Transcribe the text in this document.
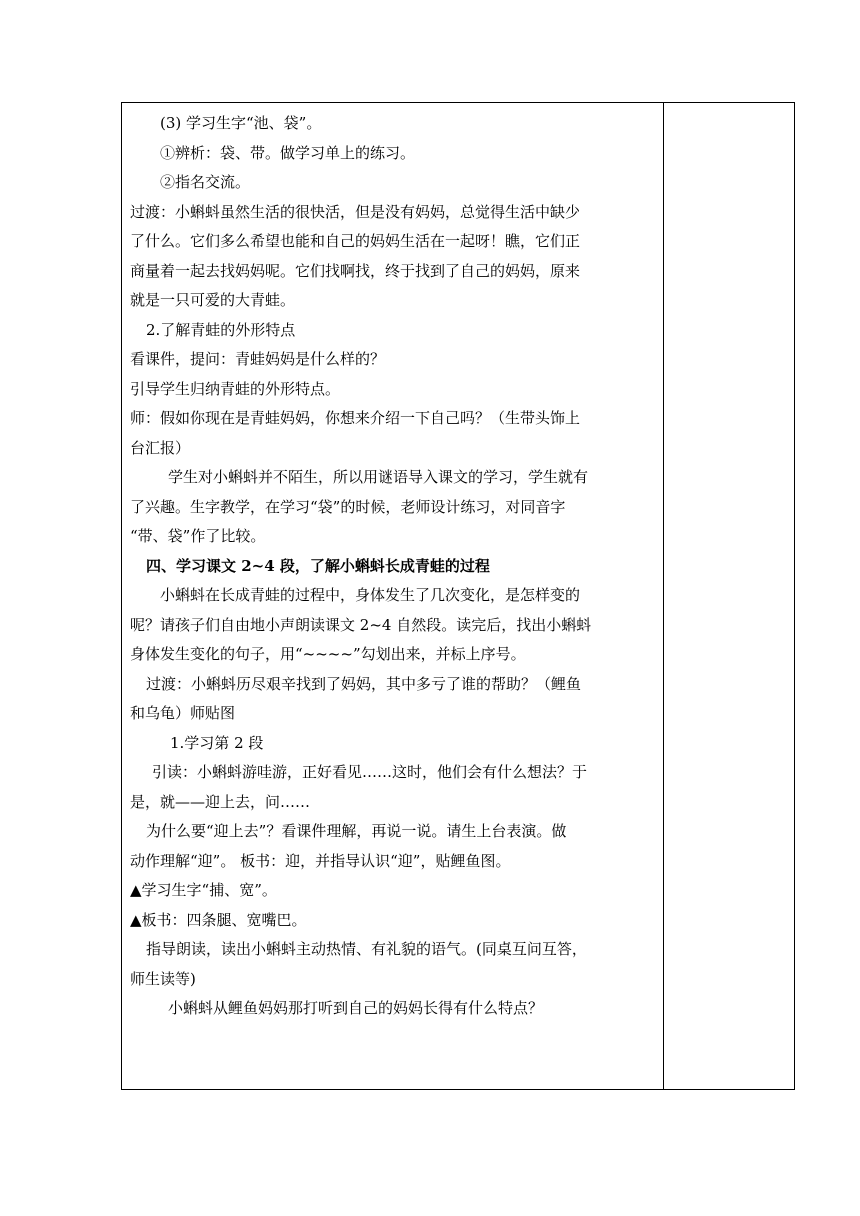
(3) 学习生字“池、袋”。

①辨析：袋、带。做学习单上的练习。

②指名交流。

过渡：小蝌蚪虽然生活的很快活，但是没有妈妈，总觉得生活中缺少

了什么。它们多么希望也能和自己的妈妈生活在一起呀！瞧，它们正

商量着一起去找妈妈呢。它们找啊找，终于找到了自己的妈妈，原来

就是一只可爱的大青蛙。

2.了解青蛙的外形特点

看课件，提问：青蛙妈妈是什么样的？

引导学生归纳青蛙的外形特点。

师：假如你现在是青蛙妈妈，你想来介绍一下自己吗？（生带头饰上

台汇报）

学生对小蝌蚪并不陌生，所以用谜语导入课文的学习，学生就有

了兴趣。生字教学，在学习“袋”的时候，老师设计练习，对同音字

“带、袋”作了比较。

四、学习课文 2~4 段，了解小蝌蚪长成青蛙的过程

小蝌蚪在长成青蛙的过程中，身体发生了几次变化，是怎样变的

呢？请孩子们自由地小声朗读课文 2~4 自然段。读完后，找出小蝌蚪

身体发生变化的句子，用“~~~~”勾划出来，并标上序号。

过渡：小蝌蚪历尽艰辛找到了妈妈，其中多亏了谁的帮助？（鲤鱼

和乌龟）师贴图

1.学习第 2 段

引读：小蝌蚪游哇游，正好看见……这时，他们会有什么想法？于

是，就——迎上去，问……

为什么要“迎上去”？看课件理解，再说一说。请生上台表演。做

动作理解“迎”。 板书：迎，并指导认识“迎”，贴鲤鱼图。

▲学习生字“捕、宽”。

▲板书：四条腿、宽嘴巴。

指导朗读，读出小蝌蚪主动热情、有礼貌的语气。(同桌互问互答，

师生读等)

小蝌蚪从鲤鱼妈妈那打听到自己的妈妈长得有什么特点？
